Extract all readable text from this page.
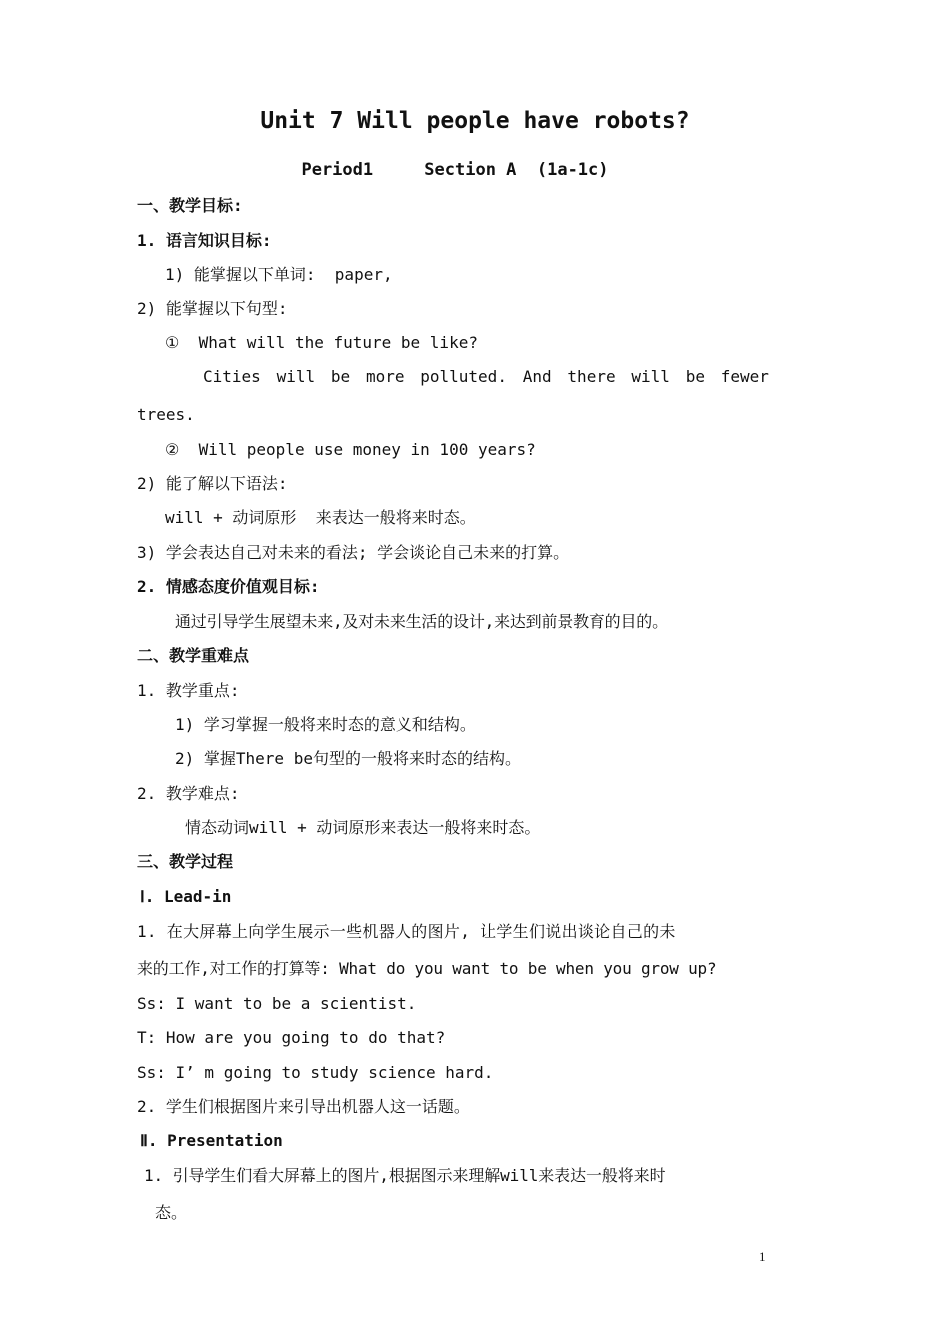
Unit 7 Will people have robots?
Period1     Section A  (1a-1c)
一、教学目标:
1. 语言知识目标:
1) 能掌握以下单词:  paper,
2) 能掌握以下句型:
①  What will the future be like?
Cities will be more polluted. And there will be fewer
trees.
②  Will people use money in 100 years?
2) 能了解以下语法:
will + 动词原形  来表达一般将来时态。
3) 学会表达自己对未来的看法; 学会谈论自己未来的打算。
2. 情感态度价值观目标:
通过引导学生展望未来,及对未来生活的设计,来达到前景教育的目的。
二、教学重难点
1. 教学重点:
1) 学习掌握一般将来时态的意义和结构。
2) 掌握There be句型的一般将来时态的结构。
2. 教学难点:
情态动词will + 动词原形来表达一般将来时态。
三、教学过程
Ⅰ. Lead-in
1. 在大屏幕上向学生展示一些机器人的图片, 让学生们说出谈论自己的未
来的工作,对工作的打算等: What do you want to be when you grow up?
Ss: I want to be a scientist.
T: How are you going to do that?
Ss: I’ m going to study science hard.
2. 学生们根据图片来引导出机器人这一话题。
Ⅱ. Presentation
1. 引导学生们看大屏幕上的图片,根据图示来理解will来表达一般将来时
态。
1
